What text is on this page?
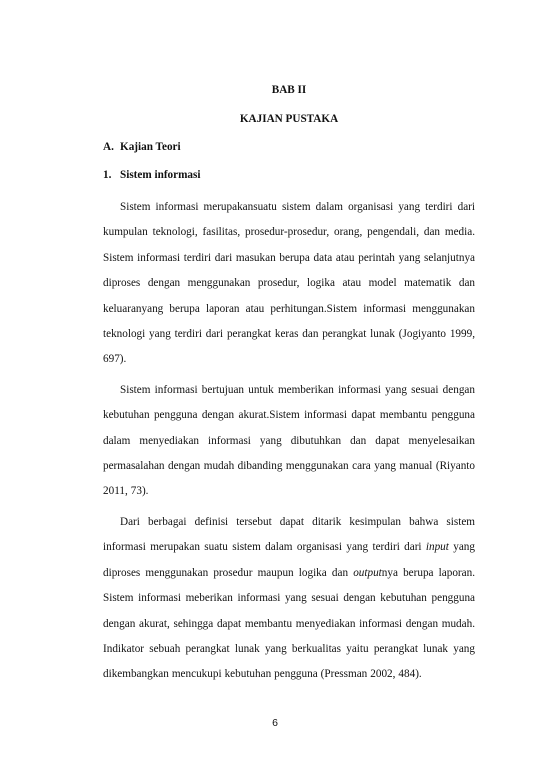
BAB II
KAJIAN PUSTAKA
A. Kajian Teori
1. Sistem informasi

Sistem informasi merupakansuatu sistem dalam organisasi yang terdiri dari kumpulan teknologi, fasilitas, prosedur-prosedur, orang, pengendali, dan media. Sistem informasi terdiri dari masukan berupa data atau perintah yang selanjutnya diproses dengan menggunakan prosedur, logika atau model matematik dan keluaranyang berupa laporan atau perhitungan.Sistem informasi menggunakan teknologi yang terdiri dari perangkat keras dan perangkat lunak (Jogiyanto 1999, 697).

Sistem informasi bertujuan untuk memberikan informasi yang sesuai dengan kebutuhan pengguna dengan akurat.Sistem informasi dapat membantu pengguna dalam menyediakan informasi yang dibutuhkan dan dapat menyelesaikan permasalahan dengan mudah dibanding menggunakan cara yang manual (Riyanto 2011, 73).

Dari berbagai definisi tersebut dapat ditarik kesimpulan bahwa sistem informasi merupakan suatu sistem dalam organisasi yang terdiri dari input yang diproses menggunakan prosedur maupun logika dan outputnya berupa laporan. Sistem informasi meberikan informasi yang sesuai dengan kebutuhan pengguna dengan akurat, sehingga dapat membantu menyediakan informasi dengan mudah. Indikator sebuah perangkat lunak yang berkualitas yaitu perangkat lunak yang dikembangkan mencukupi kebutuhan pengguna (Pressman 2002, 484).

6
